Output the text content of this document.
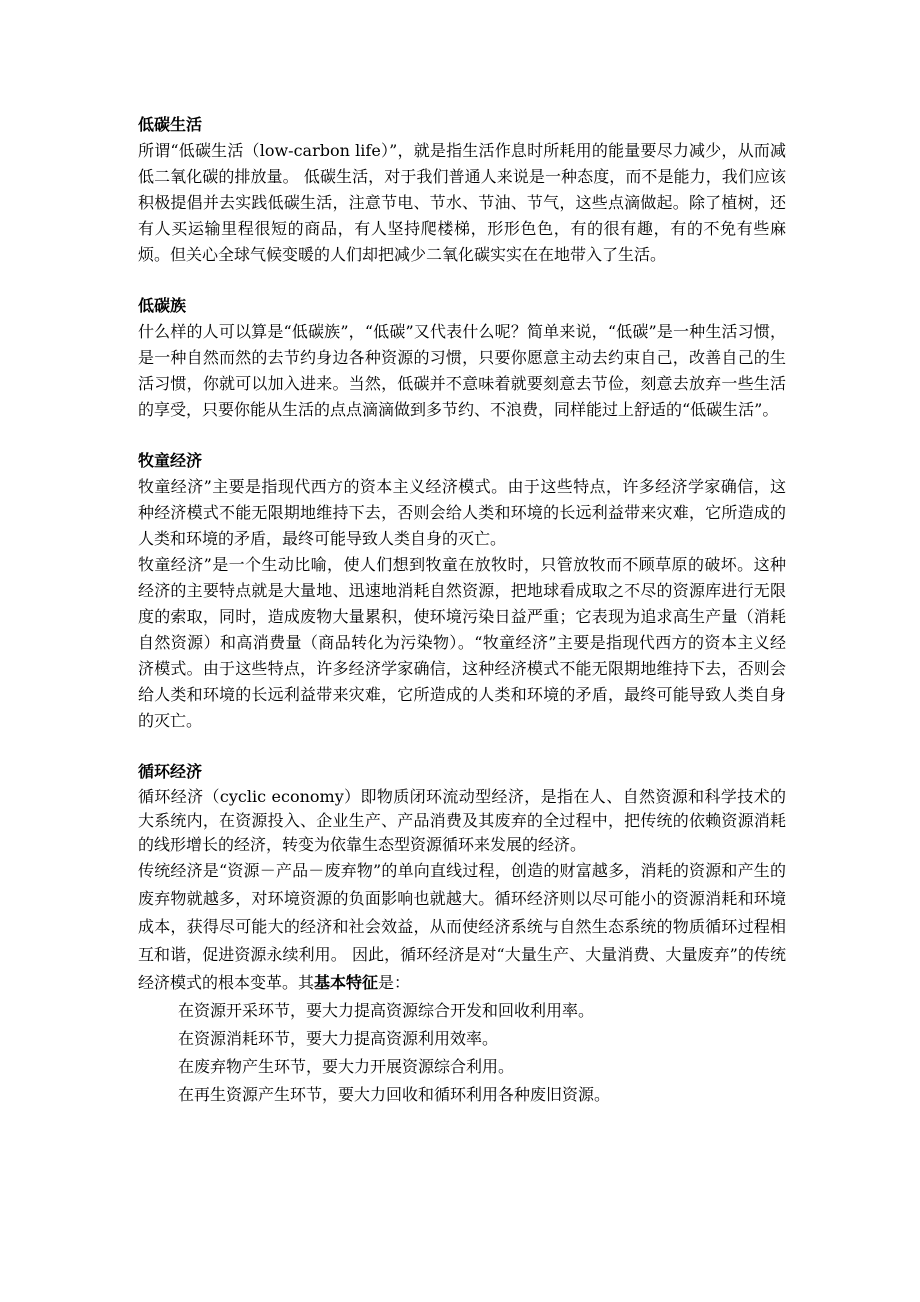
低碳生活

所谓“低碳生活（low-carbon life）”，就是指生活作息时所耗用的能量要尽力减少，从而减低二氧化碳的排放量。 低碳生活，对于我们普通人来说是一种态度，而不是能力，我们应该积极提倡并去实践低碳生活，注意节电、节水、节油、节气，这些点滴做起。除了植树，还有人买运输里程很短的商品，有人坚持爬楼梯，形形色色，有的很有趣，有的不免有些麻烦。但关心全球气候变暖的人们却把减少二氧化碳实实在在地带入了生活。

低碳族

什么样的人可以算是“低碳族”，“低碳”又代表什么呢？简单来说，“低碳”是一种生活习惯，是一种自然而然的去节约身边各种资源的习惯，只要你愿意主动去约束自己，改善自己的生活习惯，你就可以加入进来。当然，低碳并不意味着就要刻意去节俭，刻意去放弃一些生活的享受，只要你能从生活的点点滴滴做到多节约、不浪费，同样能过上舒适的“低碳生活”。

牧童经济

牧童经济”主要是指现代西方的资本主义经济模式。由于这些特点，许多经济学家确信，这种经济模式不能无限期地维持下去，否则会给人类和环境的长远利益带来灾难，它所造成的人类和环境的矛盾，最终可能导致人类自身的灭亡。

牧童经济”是一个生动比喻，使人们想到牧童在放牧时，只管放牧而不顾草原的破坏。这种经济的主要特点就是大量地、迅速地消耗自然资源，把地球看成取之不尽的资源库进行无限度的索取，同时，造成废物大量累积，使环境污染日益严重；它表现为追求高生产量（消耗自然资源）和高消费量（商品转化为污染物）。“牧童经济”主要是指现代西方的资本主义经济模式。由于这些特点，许多经济学家确信，这种经济模式不能无限期地维持下去，否则会给人类和环境的长远利益带来灾难，它所造成的人类和环境的矛盾，最终可能导致人类自身的灭亡。

循环经济

循环经济（cyclic economy）即物质闭环流动型经济，是指在人、自然资源和科学技术的大系统内，在资源投入、企业生产、产品消费及其废弃的全过程中，把传统的依赖资源消耗的线形增长的经济，转变为依靠生态型资源循环来发展的经济。

传统经济是“资源－产品－废弃物”的单向直线过程，创造的财富越多，消耗的资源和产生的废弃物就越多，对环境资源的负面影响也就越大。循环经济则以尽可能小的资源消耗和环境成本，获得尽可能大的经济和社会效益，从而使经济系统与自然生态系统的物质循环过程相互和谐，促进资源永续利用。 因此，循环经济是对“大量生产、大量消费、大量废弃”的传统经济模式的根本变革。其基本特征是：

在资源开采环节，要大力提高资源综合开发和回收利用率。
在资源消耗环节，要大力提高资源利用效率。
在废弃物产生环节，要大力开展资源综合利用。
在再生资源产生环节，要大力回收和循环利用各种废旧资源。
